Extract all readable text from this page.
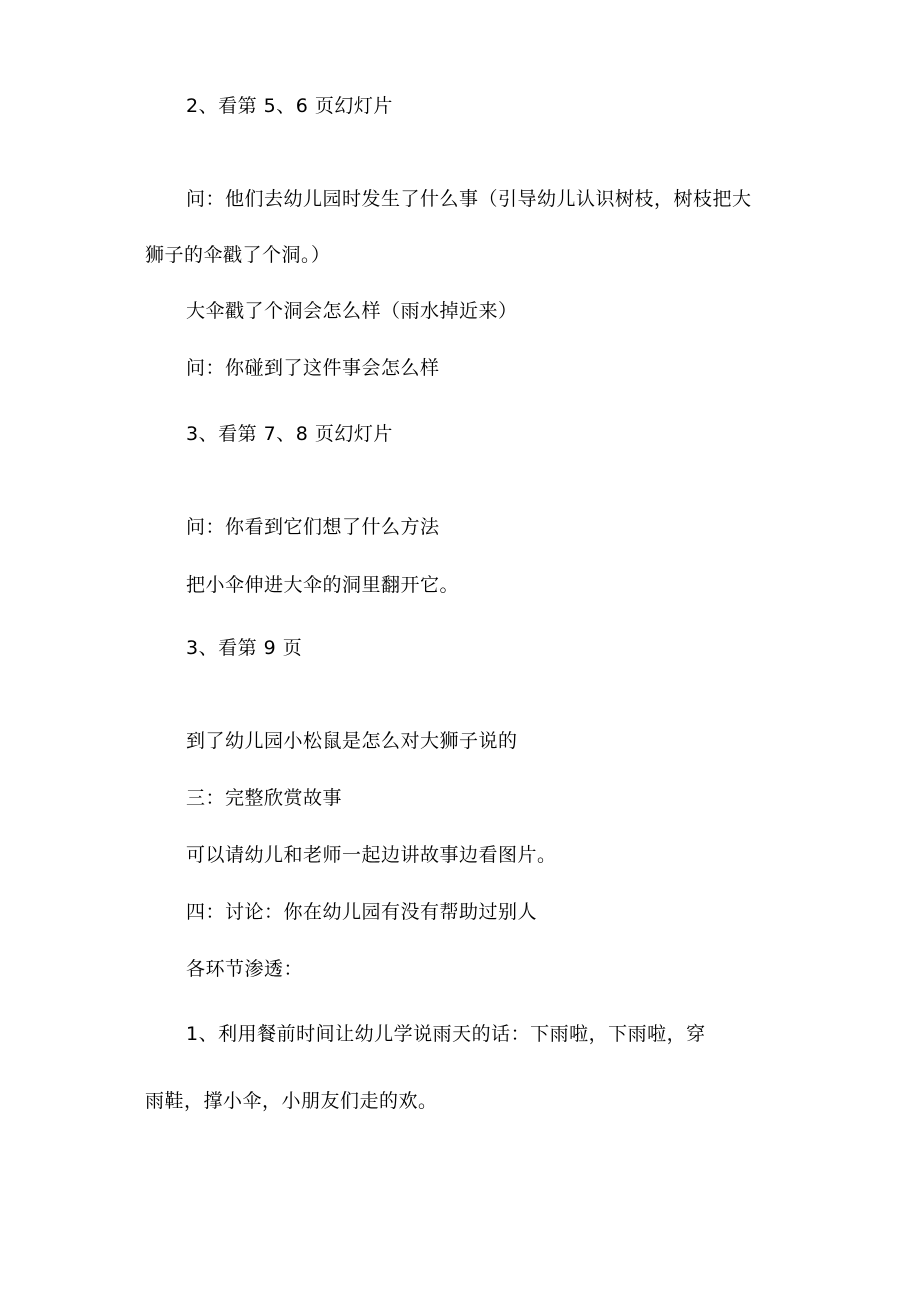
2、看第 5、6 页幻灯片
问：他们去幼儿园时发生了什么事（引导幼儿认识树枝，树枝把大
狮子的伞戳了个洞。）
大伞戳了个洞会怎么样（雨水掉近来）
问：你碰到了这件事会怎么样
3、看第 7、8 页幻灯片
问：你看到它们想了什么方法
把小伞伸进大伞的洞里翻开它。
3、看第 9 页
到了幼儿园小松鼠是怎么对大狮子说的
三：完整欣赏故事
可以请幼儿和老师一起边讲故事边看图片。
四：讨论：你在幼儿园有没有帮助过别人
各环节渗透：
1、利用餐前时间让幼儿学说雨天的话：下雨啦，下雨啦，穿
雨鞋，撑小伞，小朋友们走的欢。
